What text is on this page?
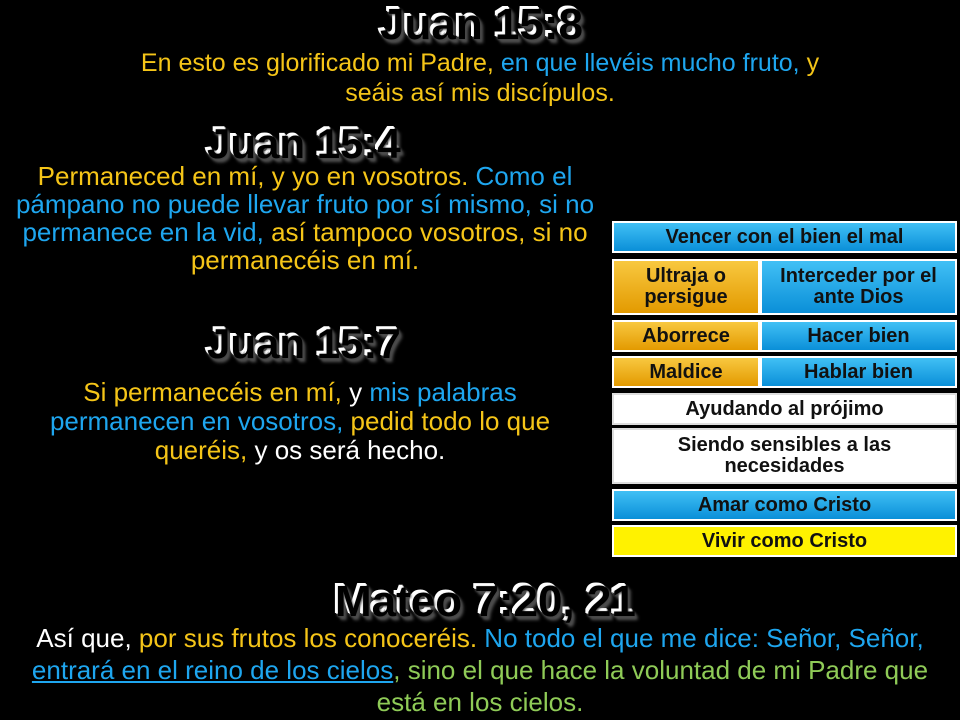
Juan 15:8
En esto es glorificado mi Padre, en que llevéis mucho fruto, y
seáis así mis discípulos.
Juan 15:4
Permaneced en mí, y yo en vosotros. Como el pámpano no puede llevar fruto por sí mismo, si no permanece en la vid, así tampoco vosotros, si no permanecéis en mí.
Juan 15:7
Si permanecéis en mí, y mis palabras permanecen en vosotros, pedid todo lo que queréis, y os será hecho.
Vencer con el bien el mal
Ultraja o persigue
Interceder por el ante Dios
Aborrece	Hacer bien
Maldice	Hablar bien
Ayudando al prójimo
Siendo sensibles a las necesidades
Amar como Cristo
Vivir como Cristo
Mateo 7:20, 21
Así que, por sus frutos los conoceréis. No todo el que me dice: Señor, Señor, entrará en el reino de los cielos, sino el que hace la voluntad de mi Padre que está en los cielos.
